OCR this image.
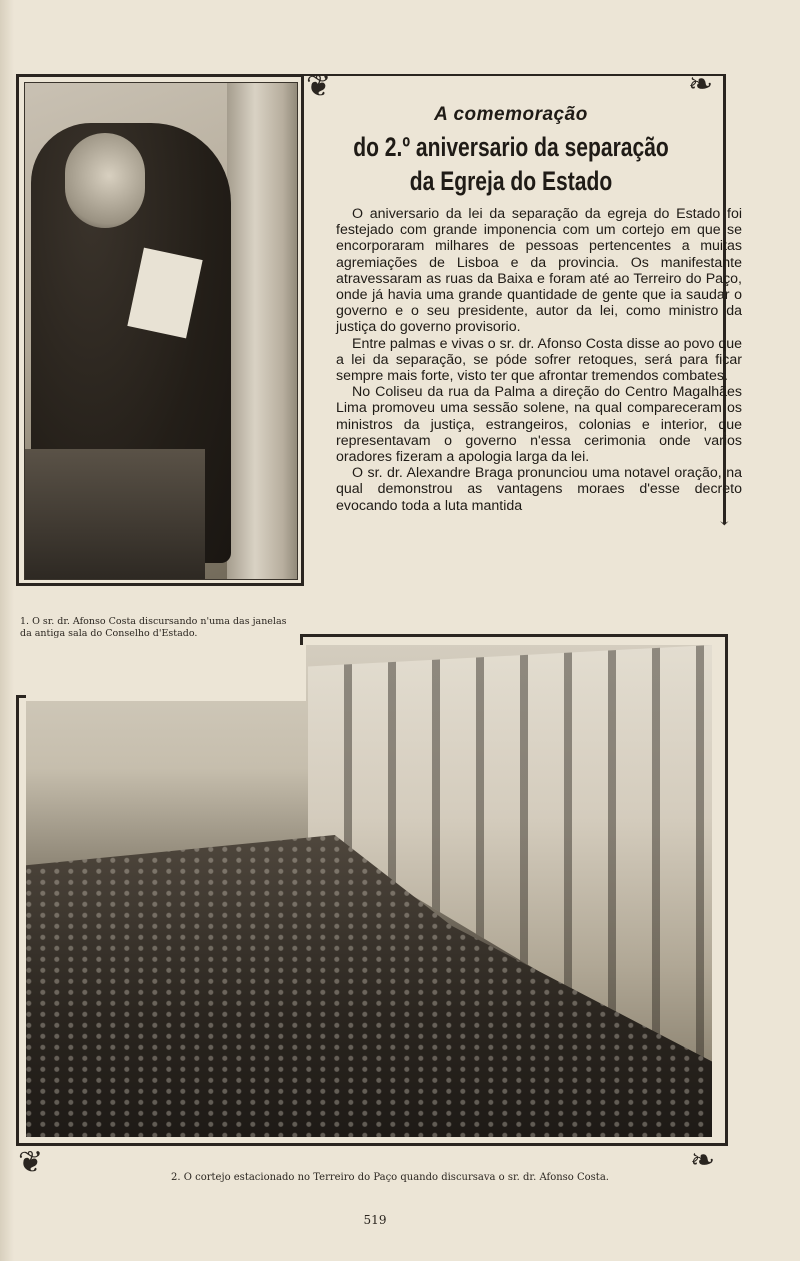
1. O sr. dr. Afonso Costa discursando n'uma das janelas da antiga sala do Conselho d'Estado.
❦	❧
⇣
A comemoração
do 2.º aniversario da separação
da Egreja do Estado

O aniversario da lei da separação da egreja do Estado foi festejado com grande imponencia com um cortejo em que se encorporaram milhares de pessoas pertencentes a muitas agremiações de Lisboa e da provincia. Os manifestante atravessaram as ruas da Baixa e foram até ao Terreiro do Paço, onde já havia uma grande quantidade de gente que ia saudar o governo e o seu presidente, autor da lei, como ministro da justiça do governo provisorio.

Entre palmas e vivas o sr. dr. Afonso Costa disse ao povo que a lei da separação, se póde sofrer retoques, será para ficar sempre mais forte, visto ter que afrontar tremendos combates.

No Coliseu da rua da Palma a direção do Centro Magalhães Lima promoveu uma sessão solene, na qual compareceram os ministros da justiça, estrangeiros, colonias e interior, que representavam o governo n'essa cerimonia onde varios oradores fizeram a apologia larga da lei.

O sr. dr. Alexandre Braga pronunciou uma notavel oração, na qual demonstrou as vantagens moraes d'esse decreto evocando toda a luta mantida

❦	❧
2. O cortejo estacionado no Terreiro do Paço quando discursava o sr. dr. Afonso Costa.
519
